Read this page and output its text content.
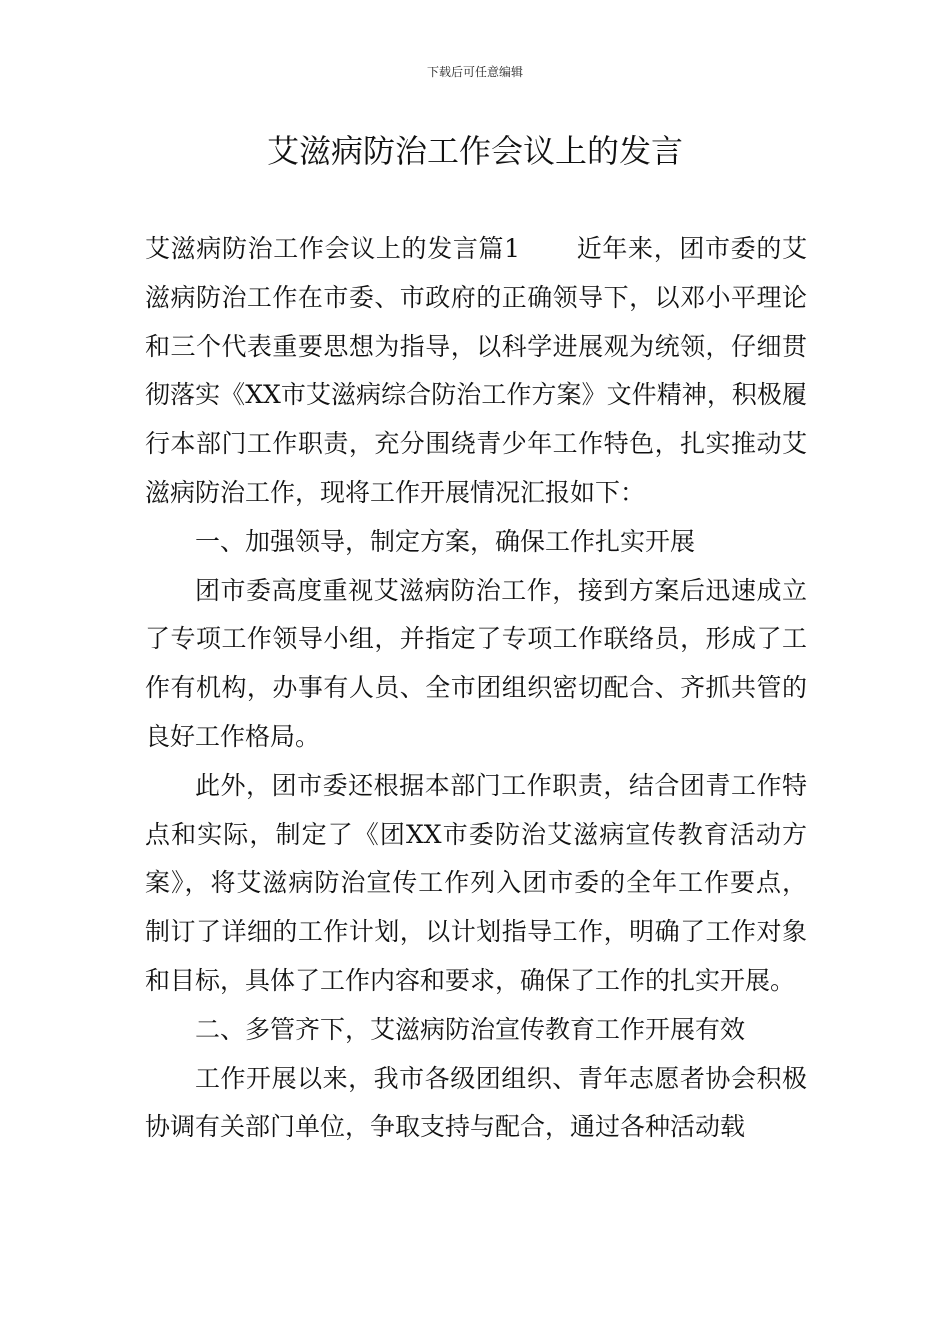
下载后可任意编辑
艾滋病防治工作会议上的发言

艾滋病防治工作会议上的发言篇1 近年来，团市委的艾滋病防治工作在市委、市政府的正确领导下，以邓小平理论和三个代表重要思想为指导，以科学进展观为统领，仔细贯彻落实《XX市艾滋病综合防治工作方案》文件精神，积极履行本部门工作职责，充分围绕青少年工作特色，扎实推动艾滋病防治工作，现将工作开展情况汇报如下：

一、加强领导，制定方案，确保工作扎实开展

团市委高度重视艾滋病防治工作，接到方案后迅速成立了专项工作领导小组，并指定了专项工作联络员，形成了工作有机构，办事有人员、全市团组织密切配合、齐抓共管的良好工作格局。

此外，团市委还根据本部门工作职责，结合团青工作特点和实际，制定了《团XX市委防治艾滋病宣传教育活动方案》，将艾滋病防治宣传工作列入团市委的全年工作要点，制订了详细的工作计划，以计划指导工作，明确了工作对象和目标，具体了工作内容和要求，确保了工作的扎实开展。

二、多管齐下，艾滋病防治宣传教育工作开展有效

工作开展以来，我市各级团组织、青年志愿者协会积极协调有关部门单位，争取支持与配合，通过各种活动载
